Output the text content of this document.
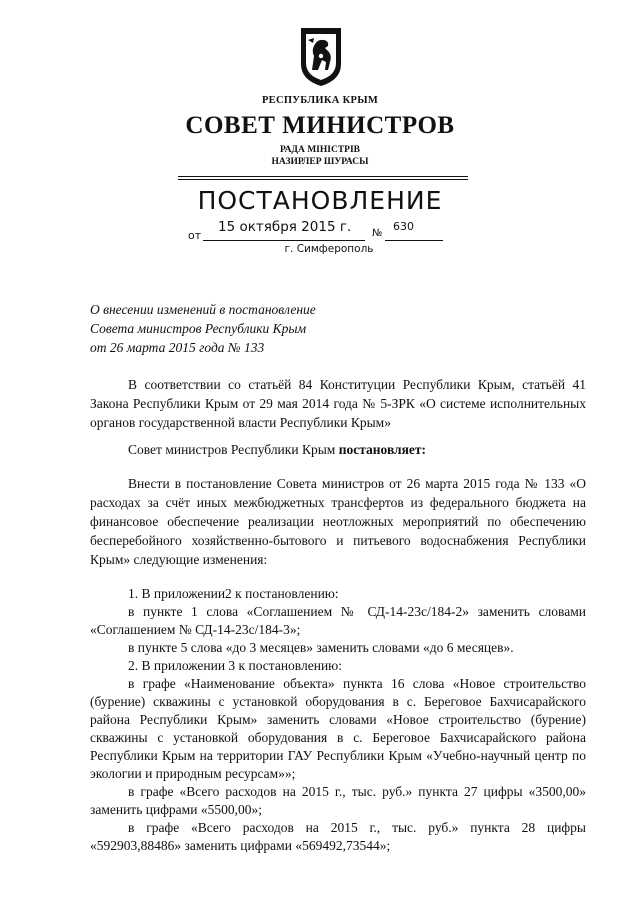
РЕСПУБЛИКА КРЫМ
СОВЕТ МИНИСТРОВ
РАДА МІНІСТРІВ
НАЗИРЛЕР ШУРАСЫ
ПОСТАНОВЛЕНИЕ
от
15 октября 2015 г. №
630
г. Симферополь
О внесении изменений в постановление
Совета министров Республики Крым
от 26 марта 2015 года № 133
В соответствии со статьёй 84 Конституции Республики Крым, статьёй 41 Закона Республики Крым от 29 мая 2014 года № 5-ЗРК «О системе исполнительных органов государственной власти Республики Крым»
Совет министров Республики Крым постановляет:
Внести в постановление Совета министров от 26 марта 2015 года № 133 «О расходах за счёт иных межбюджетных трансфертов из федерального бюджета на финансовое обеспечение реализации неотложных мероприятий по обеспечению бесперебойного хозяйственно-бытового и питьевого водоснабжения Республики Крым» следующие изменения:
1. В приложении2 к постановлению:
в пункте 1 слова «Соглашением № СД-14-23с/184-2» заменить словами «Соглашением № СД-14-23с/184-3»;
в пункте 5 слова «до 3 месяцев» заменить словами «до 6 месяцев».
2. В приложении 3 к постановлению:
в графе «Наименование объекта» пункта 16 слова «Новое строительство (бурение) скважины с установкой оборудования в с. Береговое Бахчисарайского района Республики Крым» заменить словами «Новое строительство (бурение) скважины с установкой оборудования в с. Береговое Бахчисарайского района Республики Крым на территории ГАУ Республики Крым «Учебно-научный центр по экологии и природным ресурсам»»;
в графе «Всего расходов на 2015 г., тыс. руб.» пункта 27 цифры «3500,00» заменить цифрами «5500,00»;
в графе «Всего расходов на 2015 г., тыс. руб.» пункта 28 цифры «592903,88486» заменить цифрами «569492,73544»;
